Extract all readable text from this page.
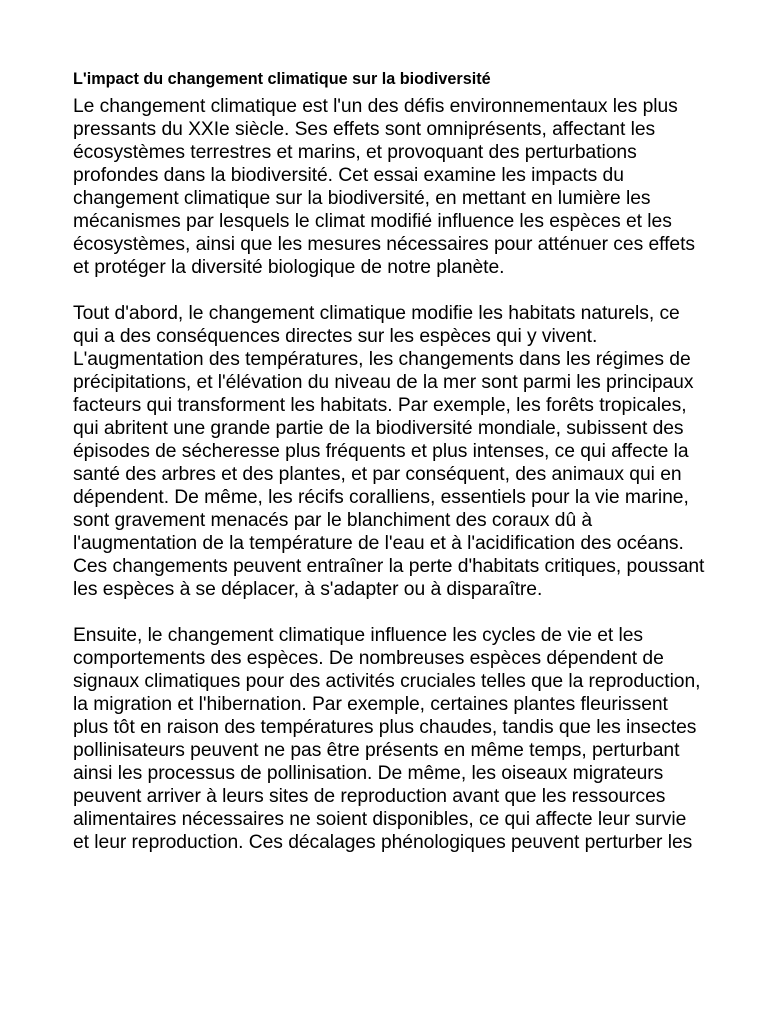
L'impact du changement climatique sur la biodiversité

Le changement climatique est l'un des défis environnementaux les plus pressants du XXIe siècle. Ses effets sont omniprésents, affectant les écosystèmes terrestres et marins, et provoquant des perturbations profondes dans la biodiversité. Cet essai examine les impacts du changement climatique sur la biodiversité, en mettant en lumière les mécanismes par lesquels le climat modifié influence les espèces et les écosystèmes, ainsi que les mesures nécessaires pour atténuer ces effets et protéger la diversité biologique de notre planète.

Tout d'abord, le changement climatique modifie les habitats naturels, ce qui a des conséquences directes sur les espèces qui y vivent. L'augmentation des températures, les changements dans les régimes de précipitations, et l'élévation du niveau de la mer sont parmi les principaux facteurs qui transforment les habitats. Par exemple, les forêts tropicales, qui abritent une grande partie de la biodiversité mondiale, subissent des épisodes de sécheresse plus fréquents et plus intenses, ce qui affecte la santé des arbres et des plantes, et par conséquent, des animaux qui en dépendent. De même, les récifs coralliens, essentiels pour la vie marine, sont gravement menacés par le blanchiment des coraux dû à l'augmentation de la température de l'eau et à l'acidification des océans. Ces changements peuvent entraîner la perte d'habitats critiques, poussant les espèces à se déplacer, à s'adapter ou à disparaître.

Ensuite, le changement climatique influence les cycles de vie et les comportements des espèces. De nombreuses espèces dépendent de signaux climatiques pour des activités cruciales telles que la reproduction, la migration et l'hibernation. Par exemple, certaines plantes fleurissent plus tôt en raison des températures plus chaudes, tandis que les insectes pollinisateurs peuvent ne pas être présents en même temps, perturbant ainsi les processus de pollinisation. De même, les oiseaux migrateurs peuvent arriver à leurs sites de reproduction avant que les ressources alimentaires nécessaires ne soient disponibles, ce qui affecte leur survie et leur reproduction. Ces décalages phénologiques peuvent perturber les
